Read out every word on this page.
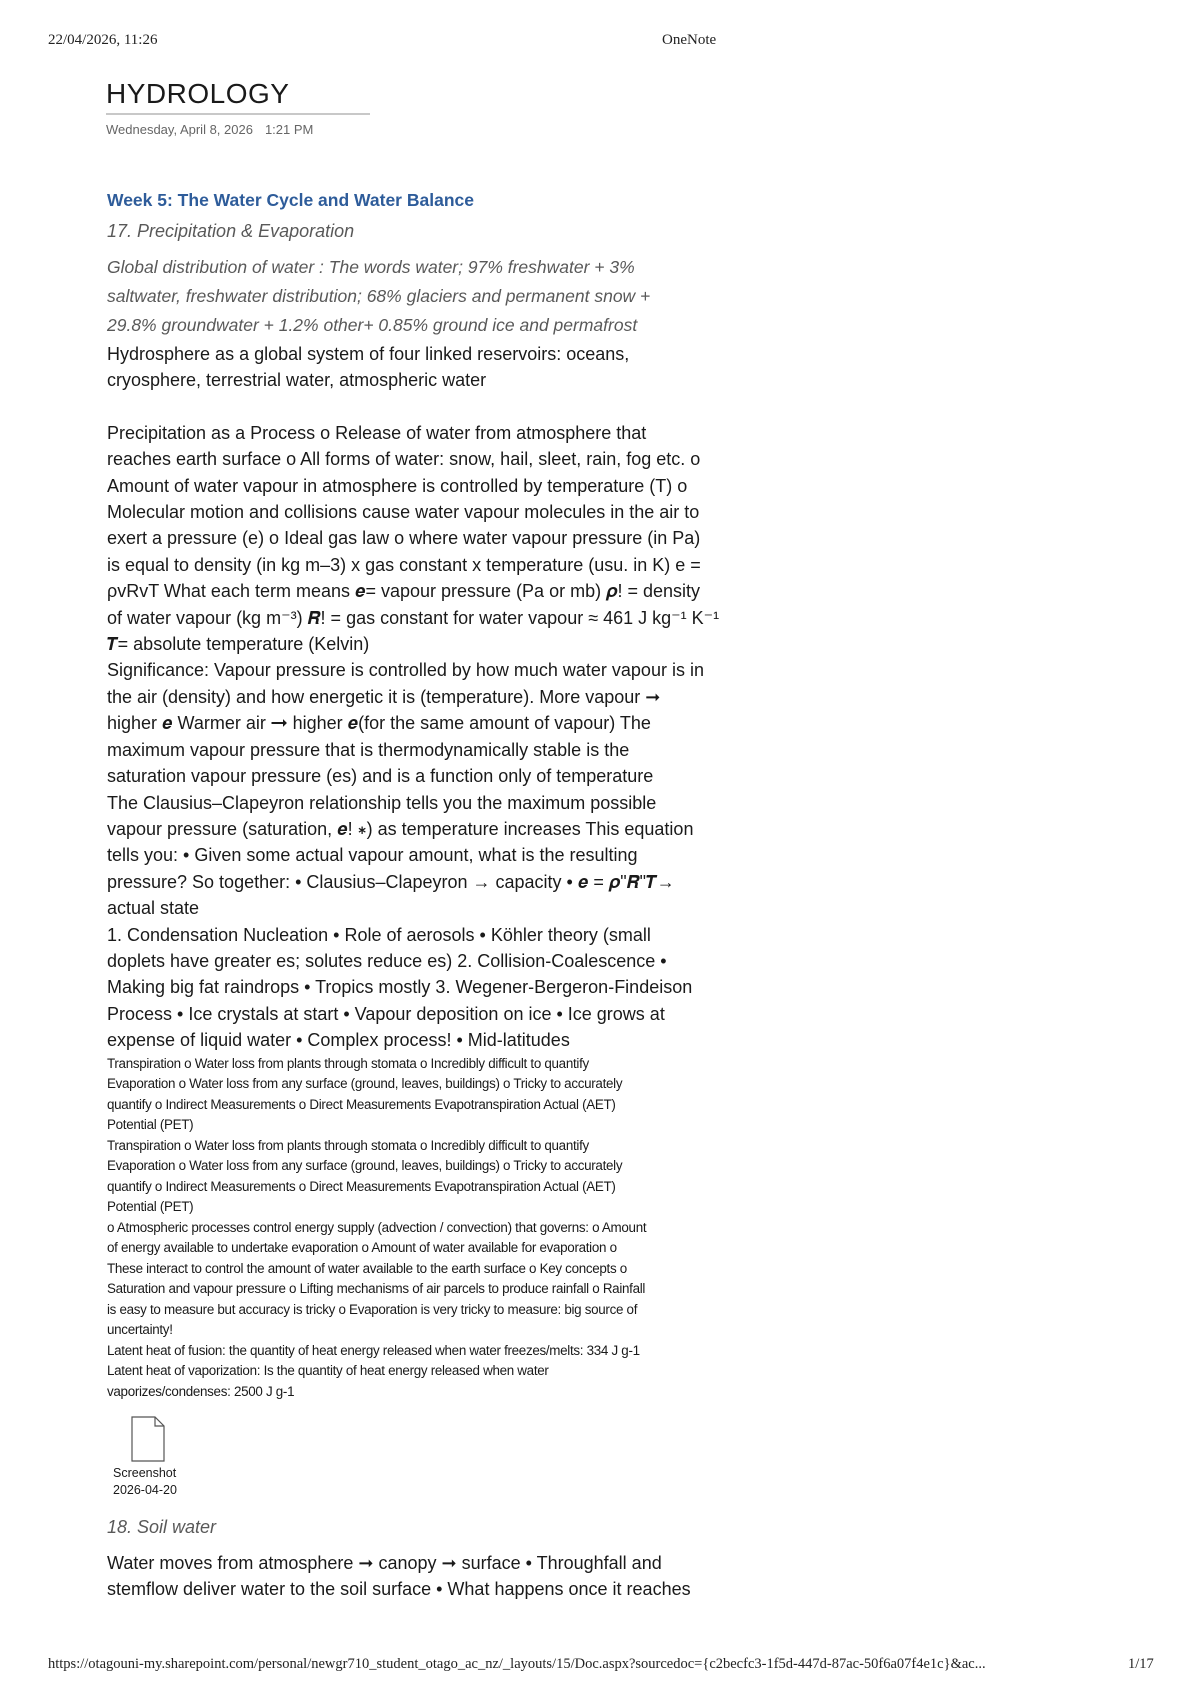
22/04/2026, 11:26	OneNote
HYDROLOGY
Wednesday, April 8, 2026 1:21 PM
Week 5: The Water Cycle and Water Balance
17. Precipitation & Evaporation
Global distribution of water : The words water; 97% freshwater + 3%
saltwater, freshwater distribution; 68% glaciers and permanent snow +
29.8% groundwater + 1.2% other+ 0.85% ground ice and permafrost
Hydrosphere as a global system of four linked reservoirs: oceans,
cryosphere, terrestrial water, atmospheric water
Precipitation as a Process o Release of water from atmosphere that
reaches earth surface o All forms of water: snow, hail, sleet, rain, fog etc. o
Amount of water vapour in atmosphere is controlled by temperature (T) o
Molecular motion and collisions cause water vapour molecules in the air to
exert a pressure (e) o Ideal gas law o where water vapour pressure (in Pa)
is equal to density (in kg m–3) x gas constant x temperature (usu. in K) e =
ρvRvT What each term means 𝒆= vapour pressure (Pa or mb) 𝝆! = density
of water vapour (kg m⁻³) 𝑹! = gas constant for water vapour ≈ 461 J kg⁻¹ K⁻¹
𝑻= absolute temperature (Kelvin)
Significance: Vapour pressure is controlled by how much water vapour is in
the air (density) and how energetic it is (temperature). More vapour ➞
higher 𝒆 Warmer air ➞ higher 𝒆(for the same amount of vapour) The
maximum vapour pressure that is thermodynamically stable is the
saturation vapour pressure (es) and is a function only of temperature
The Clausius–Clapeyron relationship tells you the maximum possible
vapour pressure (saturation, 𝒆! ∗) as temperature increases This equation
tells you: • Given some actual vapour amount, what is the resulting
pressure? So together: • Clausius–Clapeyron → capacity • 𝒆 = 𝝆"𝑹"𝑻→
actual state
1. Condensation Nucleation • Role of aerosols • Köhler theory (small
doplets have greater es; solutes reduce es) 2. Collision-Coalescence •
Making big fat raindrops • Tropics mostly 3. Wegener-Bergeron-Findeison
Process • Ice crystals at start • Vapour deposition on ice • Ice grows at
expense of liquid water • Complex process! • Mid-latitudes
Transpiration o Water loss from plants through stomata o Incredibly difficult to quantify
Evaporation o Water loss from any surface (ground, leaves, buildings) o Tricky to accurately
quantify o Indirect Measurements o Direct Measurements Evapotranspiration Actual (AET)
Potential (PET)
Transpiration o Water loss from plants through stomata o Incredibly difficult to quantify
Evaporation o Water loss from any surface (ground, leaves, buildings) o Tricky to accurately
quantify o Indirect Measurements o Direct Measurements Evapotranspiration Actual (AET)
Potential (PET)
o Atmospheric processes control energy supply (advection / convection) that governs: o Amount
of energy available to undertake evaporation o Amount of water available for evaporation o
These interact to control the amount of water available to the earth surface o Key concepts o
Saturation and vapour pressure o Lifting mechanisms of air parcels to produce rainfall o Rainfall
is easy to measure but accuracy is tricky o Evaporation is very tricky to measure: big source of
uncertainty!
Latent heat of fusion: the quantity of heat energy released when water freezes/melts: 334 J g-1
Latent heat of vaporization: Is the quantity of heat energy released when water
vaporizes/condenses: 2500 J g-1
Screenshot
2026-04-20
18. Soil water
Water moves from atmosphere ➞ canopy ➞ surface • Throughfall and
stemflow deliver water to the soil surface • What happens once it reaches
https://otagouni-my.sharepoint.com/personal/newgr710_student_otago_ac_nz/_layouts/15/Doc.aspx?sourcedoc={c2becfc3-1f5d-447d-87ac-50f6a07f4e1c}&ac...	1/17
